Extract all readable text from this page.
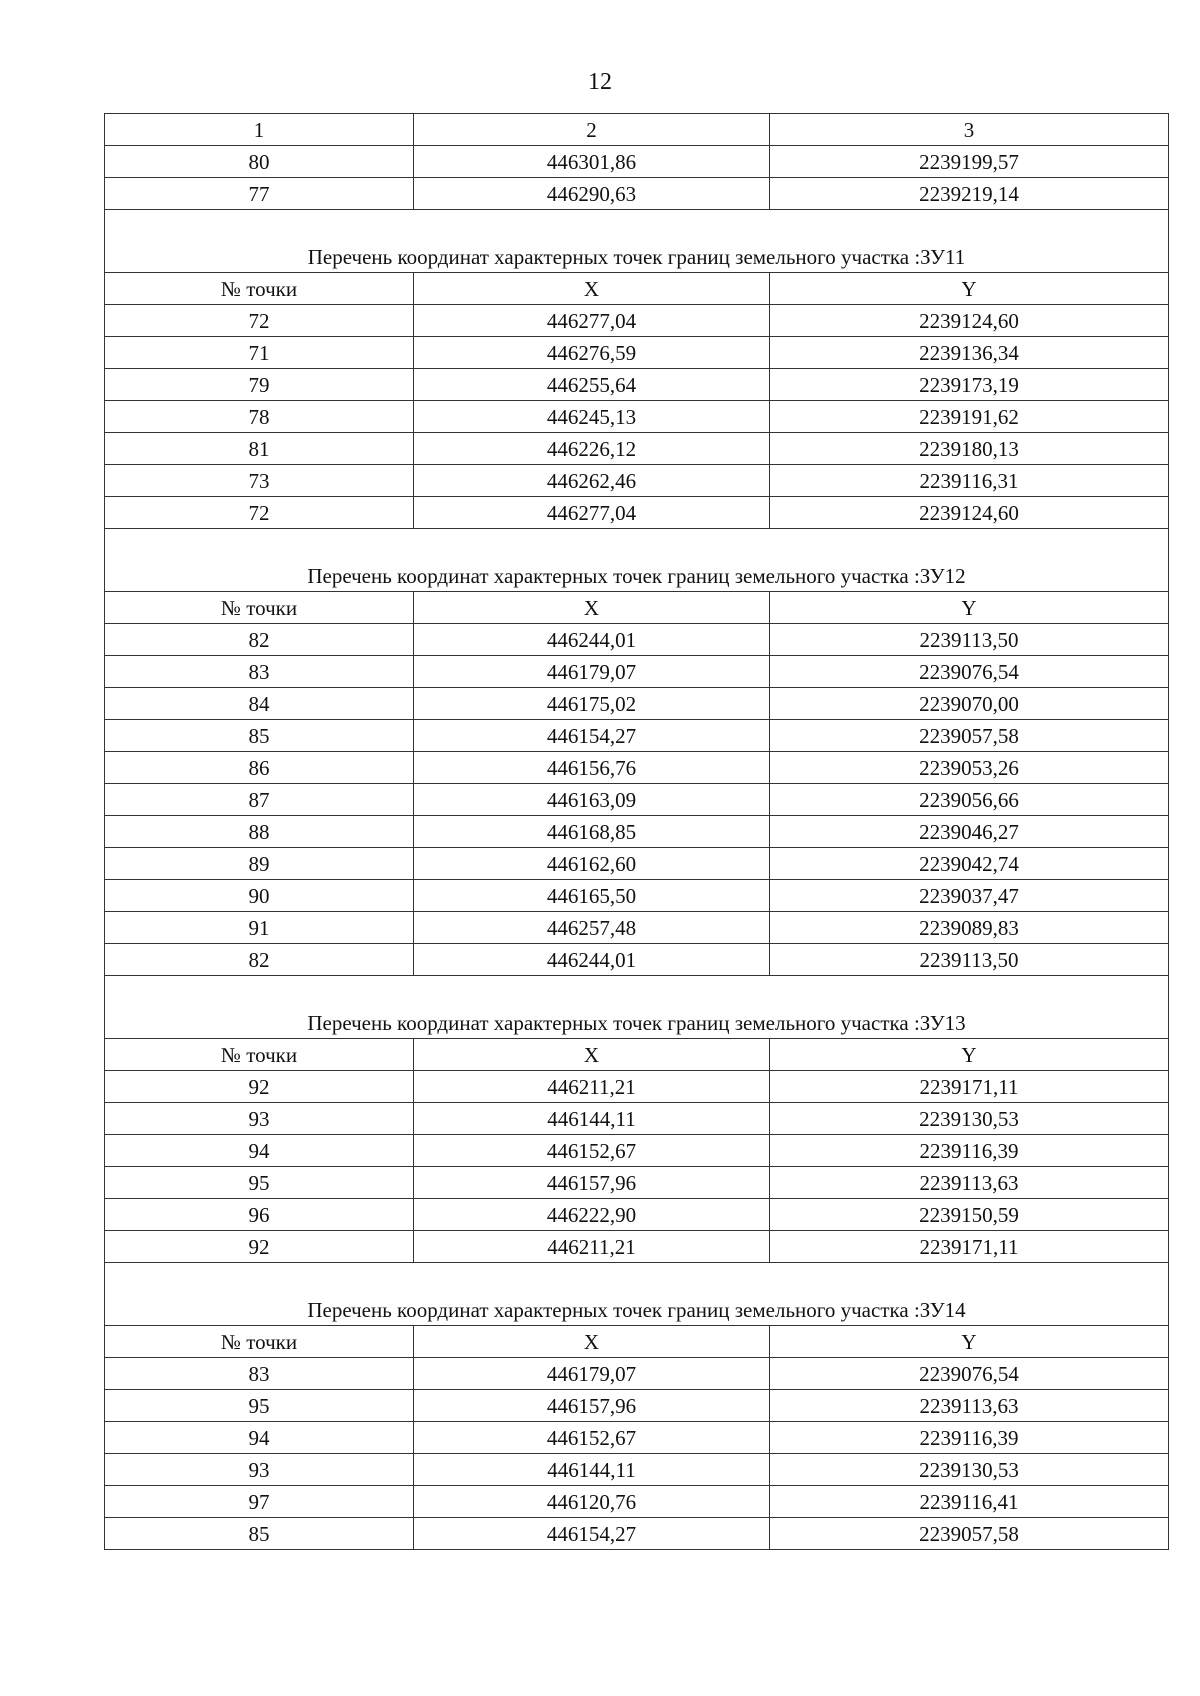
12
1	2	3
80	446301,86	2239199,57
77	446290,63	2239219,14

Перечень координат характерных точек границ земельного участка :ЗУ11		
№ точки	X	Y
72	446277,04	2239124,60
71	446276,59	2239136,34
79	446255,64	2239173,19
78	446245,13	2239191,62
81	446226,12	2239180,13
73	446262,46	2239116,31
72	446277,04	2239124,60

Перечень координат характерных точек границ земельного участка :ЗУ12		
№ точки	X	Y
82	446244,01	2239113,50
83	446179,07	2239076,54
84	446175,02	2239070,00
85	446154,27	2239057,58
86	446156,76	2239053,26
87	446163,09	2239056,66
88	446168,85	2239046,27
89	446162,60	2239042,74
90	446165,50	2239037,47
91	446257,48	2239089,83
82	446244,01	2239113,50

Перечень координат характерных точек границ земельного участка :ЗУ13		
№ точки	X	Y
92	446211,21	2239171,11
93	446144,11	2239130,53
94	446152,67	2239116,39
95	446157,96	2239113,63
96	446222,90	2239150,59
92	446211,21	2239171,11

Перечень координат характерных точек границ земельного участка :ЗУ14		
№ точки	X	Y
83	446179,07	2239076,54
95	446157,96	2239113,63
94	446152,67	2239116,39
93	446144,11	2239130,53
97	446120,76	2239116,41
85	446154,27	2239057,58
